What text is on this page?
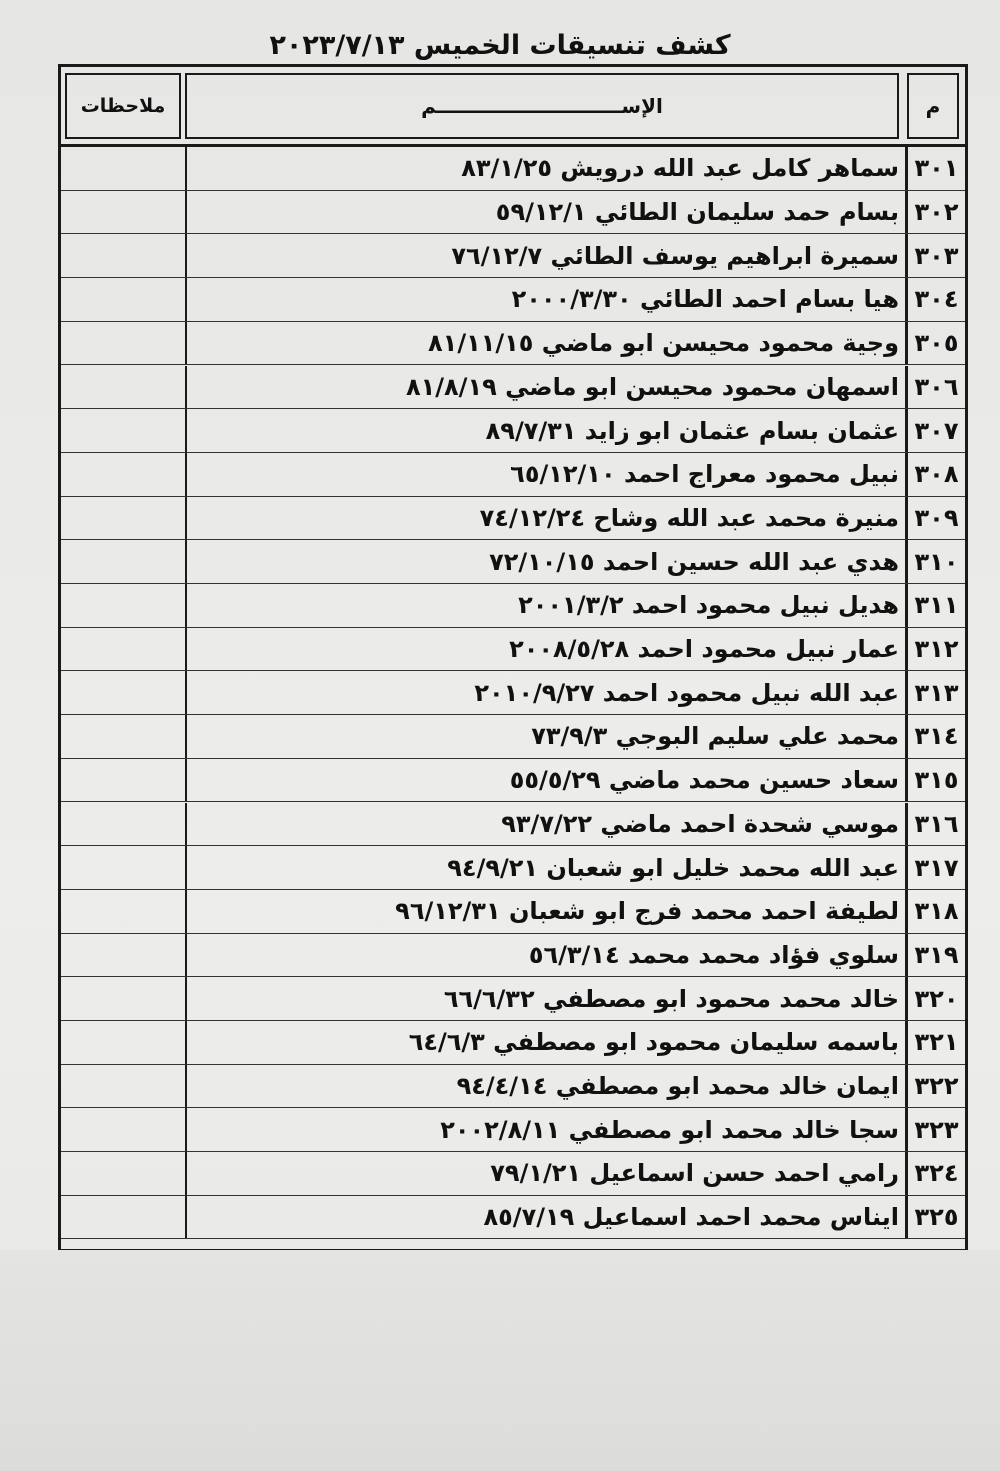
كشف تنسيقات الخميس ٢٠٢٣/٧/١٣
م
الإســـــــــــــــــــــــــــم
ملاحظات
٣٠١
سماهر كامل عبد الله درويش ٨٣/١/٢٥
٣٠٢
بسام حمد سليمان الطائي ٥٩/١٢/١
٣٠٣
سميرة ابراهيم يوسف الطائي ٧٦/١٢/٧
٣٠٤
هيا بسام احمد الطائي ٢٠٠٠/٣/٣٠
٣٠٥
وجية محمود محيسن ابو ماضي ٨١/١١/١٥
٣٠٦
اسمهان محمود محيسن ابو ماضي ٨١/٨/١٩
٣٠٧
عثمان بسام عثمان ابو زايد ٨٩/٧/٣١
٣٠٨
نبيل محمود معراج احمد ٦٥/١٢/١٠
٣٠٩
منيرة محمد عبد الله وشاح ٧٤/١٢/٢٤
٣١٠
هدي عبد الله حسين احمد ٧٢/١٠/١٥
٣١١
هديل نبيل محمود احمد ٢٠٠١/٣/٢
٣١٢
عمار نبيل محمود احمد ٢٠٠٨/٥/٢٨
٣١٣
عبد الله نبيل محمود احمد ٢٠١٠/٩/٢٧
٣١٤
محمد علي سليم البوجي ٧٣/٩/٣
٣١٥
سعاد حسين محمد ماضي ٥٥/٥/٢٩
٣١٦
موسي شحدة احمد ماضي ٩٣/٧/٢٢
٣١٧
عبد الله محمد خليل ابو شعبان ٩٤/٩/٢١
٣١٨
لطيفة احمد محمد فرج ابو شعبان ٩٦/١٢/٣١
٣١٩
سلوي فؤاد محمد محمد ٥٦/٣/١٤
٣٢٠
خالد محمد محمود ابو مصطفي ٦٦/٦/٣٢
٣٢١
باسمه سليمان محمود ابو مصطفي ٦٤/٦/٣
٣٢٢
ايمان خالد محمد ابو مصطفي ٩٤/٤/١٤
٣٢٣
سجا خالد محمد ابو مصطفي ٢٠٠٢/٨/١١
٣٢٤
رامي احمد حسن اسماعيل ٧٩/١/٢١
٣٢٥
ايناس محمد احمد اسماعيل ٨٥/٧/١٩
